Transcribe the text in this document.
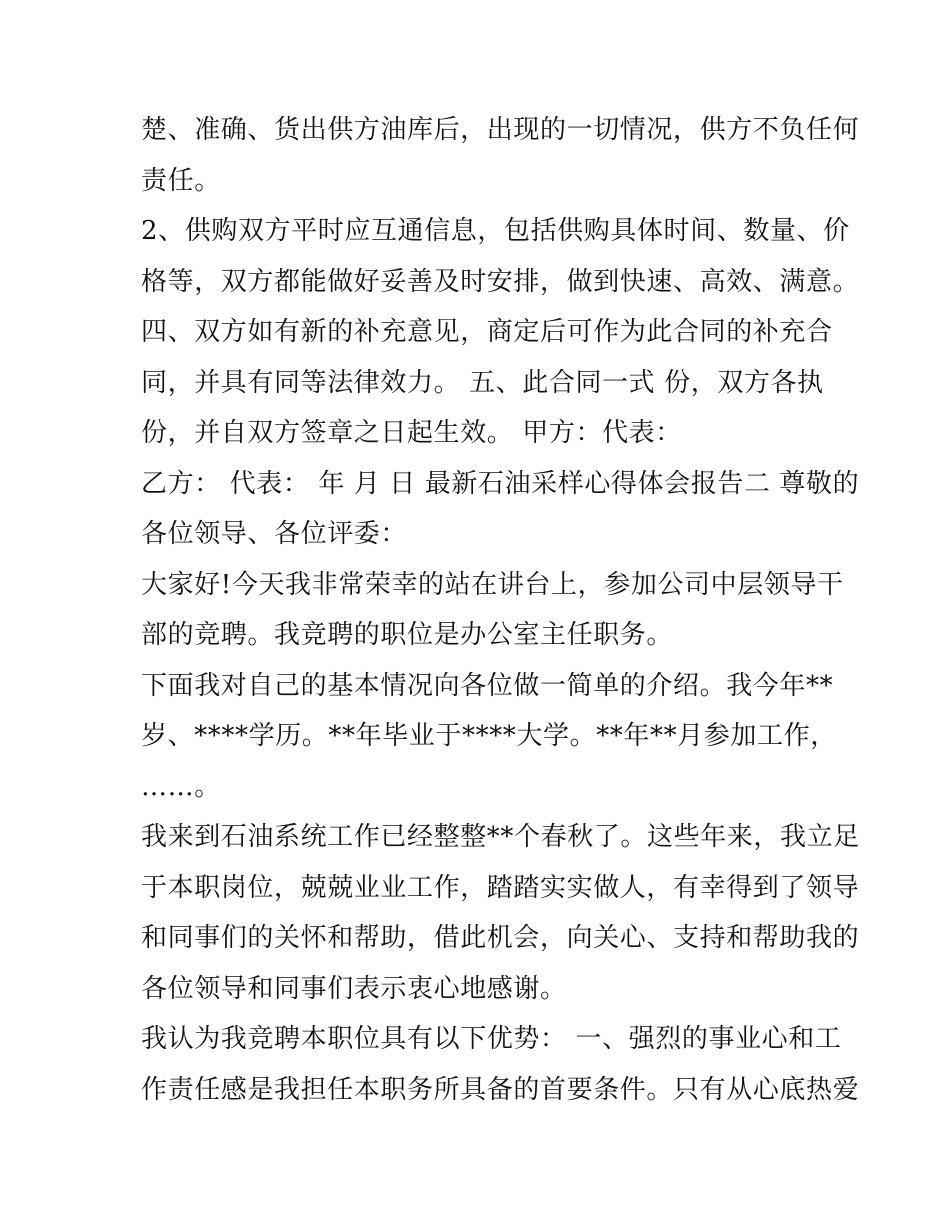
楚、准确、货出供方油库后，出现的一切情况，供方不负任何
责任。
2、供购双方平时应互通信息，包括供购具体时间、数量、价
格等，双方都能做好妥善及时安排，做到快速、高效、满意。
四、双方如有新的补充意见，商定后可作为此合同的补充合
同，并具有同等法律效力。 五、此合同一式 份，双方各执
份，并自双方签章之日起生效。 甲方：代表：
乙方： 代表： 年 月 日 最新石油采样心得体会报告二 尊敬的
各位领导、各位评委：
大家好!今天我非常荣幸的站在讲台上，参加公司中层领导干
部的竞聘。我竞聘的职位是办公室主任职务。
下面我对自己的基本情况向各位做一简单的介绍。我今年**
岁、****学历。**年毕业于****大学。**年**月参加工作，
……。
我来到石油系统工作已经整整**个春秋了。这些年来，我立足
于本职岗位，兢兢业业工作，踏踏实实做人，有幸得到了领导
和同事们的关怀和帮助，借此机会，向关心、支持和帮助我的
各位领导和同事们表示衷心地感谢。
我认为我竞聘本职位具有以下优势： 一、强烈的事业心和工
作责任感是我担任本职务所具备的首要条件。只有从心底热爱
